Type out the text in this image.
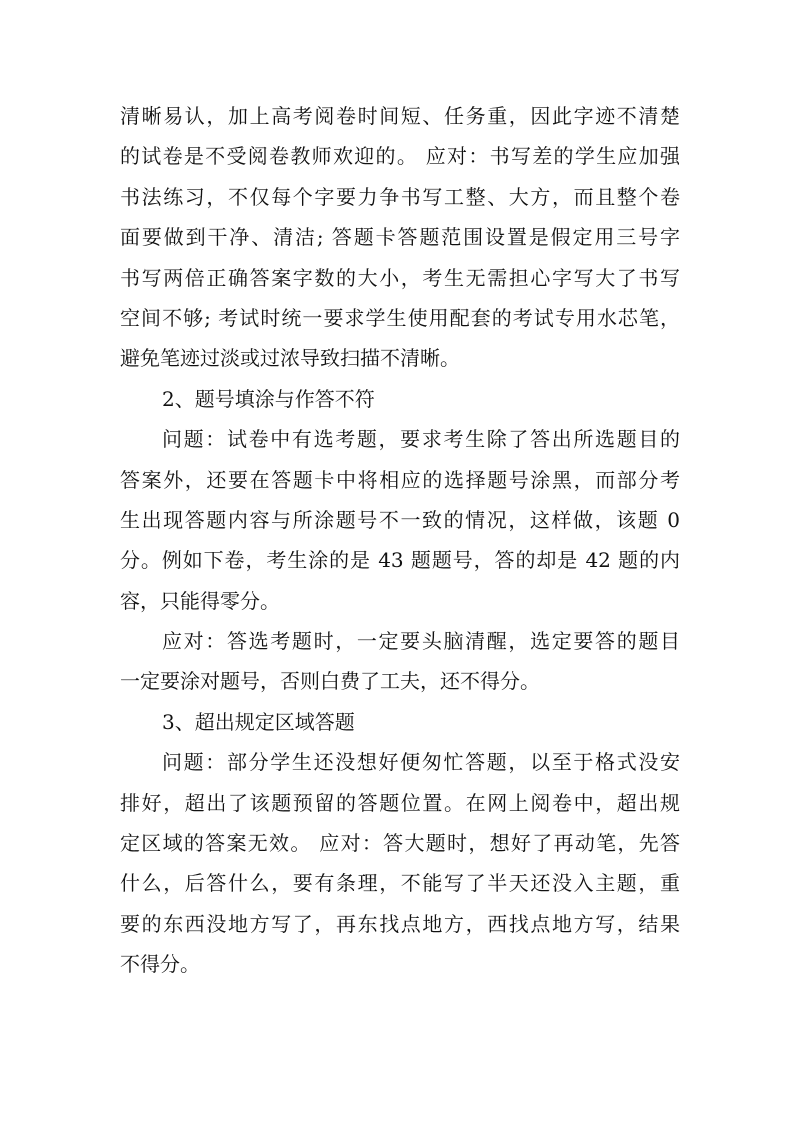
清晰易认，加上高考阅卷时间短、任务重，因此字迹不清楚
的试卷是不受阅卷教师欢迎的。 应对：书写差的学生应加强
书法练习，不仅每个字要力争书写工整、大方，而且整个卷
面要做到干净、清洁; 答题卡答题范围设置是假定用三号字
书写两倍正确答案字数的大小，考生无需担心字写大了书写
空间不够; 考试时统一要求学生使用配套的考试专用水芯笔，
避免笔迹过淡或过浓导致扫描不清晰。
2、题号填涂与作答不符
问题：试卷中有选考题，要求考生除了答出所选题目的
答案外，还要在答题卡中将相应的选择题号涂黑，而部分考
生出现答题内容与所涂题号不一致的情况，这样做，该题 0
分。例如下卷，考生涂的是 43 题题号，答的却是 42 题的内
容，只能得零分。
应对：答选考题时，一定要头脑清醒，选定要答的题目
一定要涂对题号，否则白费了工夫，还不得分。
3、超出规定区域答题
问题：部分学生还没想好便匆忙答题，以至于格式没安
排好，超出了该题预留的答题位置。在网上阅卷中，超出规
定区域的答案无效。 应对：答大题时，想好了再动笔，先答
什么，后答什么，要有条理，不能写了半天还没入主题，重
要的东西没地方写了，再东找点地方，西找点地方写，结果
不得分。
